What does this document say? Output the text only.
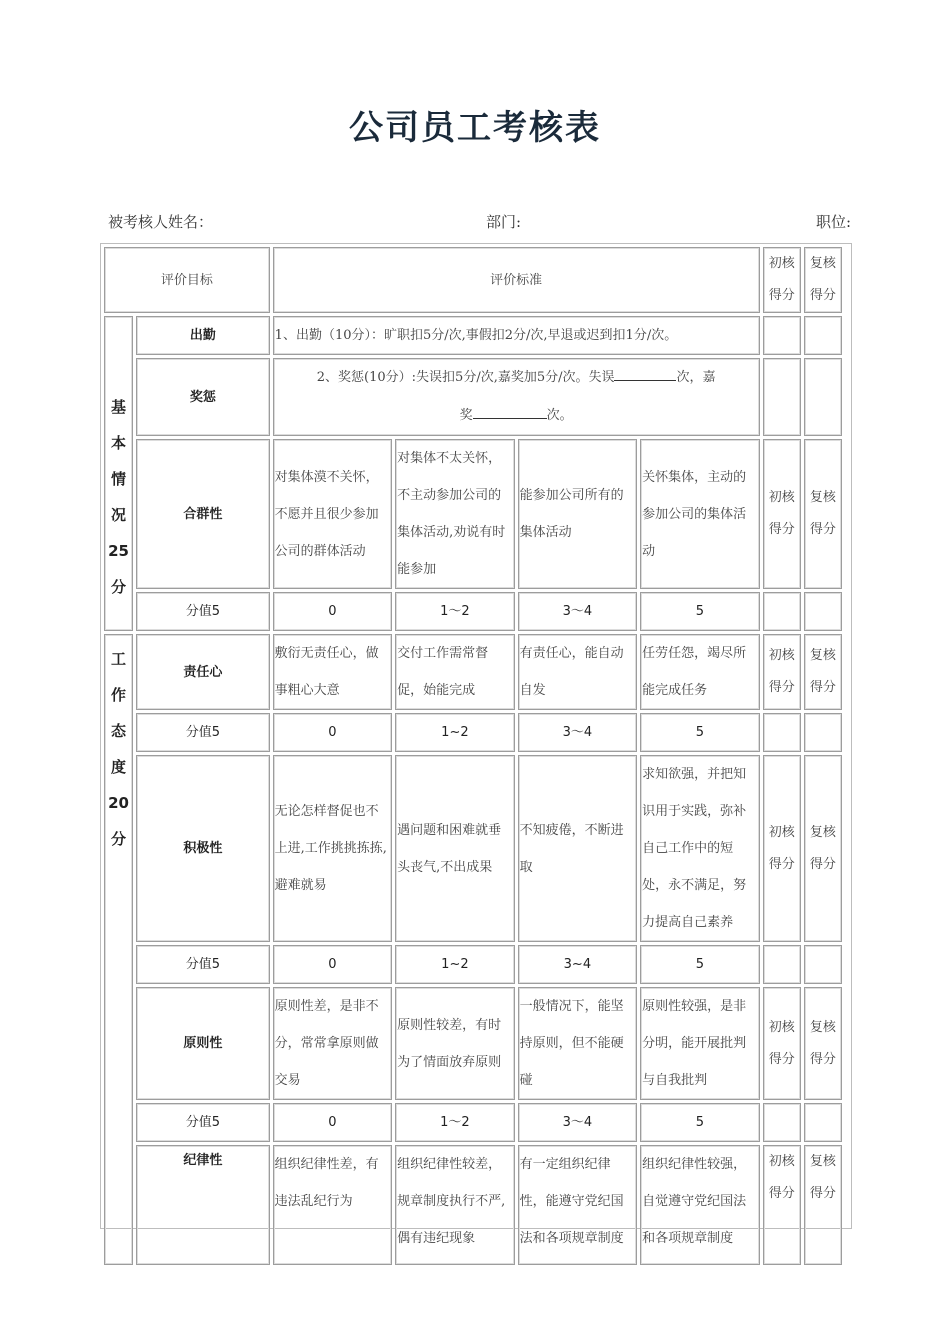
公司员工考核表
被考核人姓名：	部门:	职位:
评价目标		评价标准				初核得分	复核得分
基本情况25分	出勤	1、出勤（10分）：旷职扣5分/次,事假扣2分/次,早退或迟到扣1分/次。					
	奖惩	2、奖惩(10分）:失误扣5分/次,嘉奖加5分/次。失误 次，嘉
奖 次。					
	合群性	对集体漠不关怀，不愿并且很少参加公司的群体活动	对集体不太关怀，不主动参加公司的集体活动,劝说有时能参加	能参加公司所有的集体活动	关怀集体，主动的参加公司的集体活动	初核得分	复核得分
	分值5	0	1～2	3～4	5		
工作态度20分	责任心	敷衍无责任心，做事粗心大意	交付工作需常督促，始能完成	有责任心，能自动自发	任劳任怨，竭尽所能完成任务	初核得分	复核得分
	分值5	0	1~2	3～4	5		
	积极性	无论怎样督促也不上进,工作挑挑拣拣,避难就易	遇问题和困难就垂头丧气,不出成果	不知疲倦，不断进取	求知欲强，并把知识用于实践，弥补自己工作中的短处，永不满足，努力提高自己素养	初核得分	复核得分
	分值5	0	1~2	3~4	5		
	原则性	原则性差，是非不分，常常拿原则做交易	原则性较差，有时为了情面放弃原则	一般情况下，能坚持原则，但不能硬碰	原则性较强，是非分明，能开展批判与自我批判	初核得分	复核得分
	分值5	0	1～2	3～4	5		
	纪律性	组织纪律性差，有违法乱纪行为	组织纪律性较差，规章制度执行不严,偶有违纪现象	有一定组织纪律性，能遵守党纪国法和各项规章制度	组织纪律性较强，自觉遵守党纪国法和各项规章制度	初核得分	复核得分
